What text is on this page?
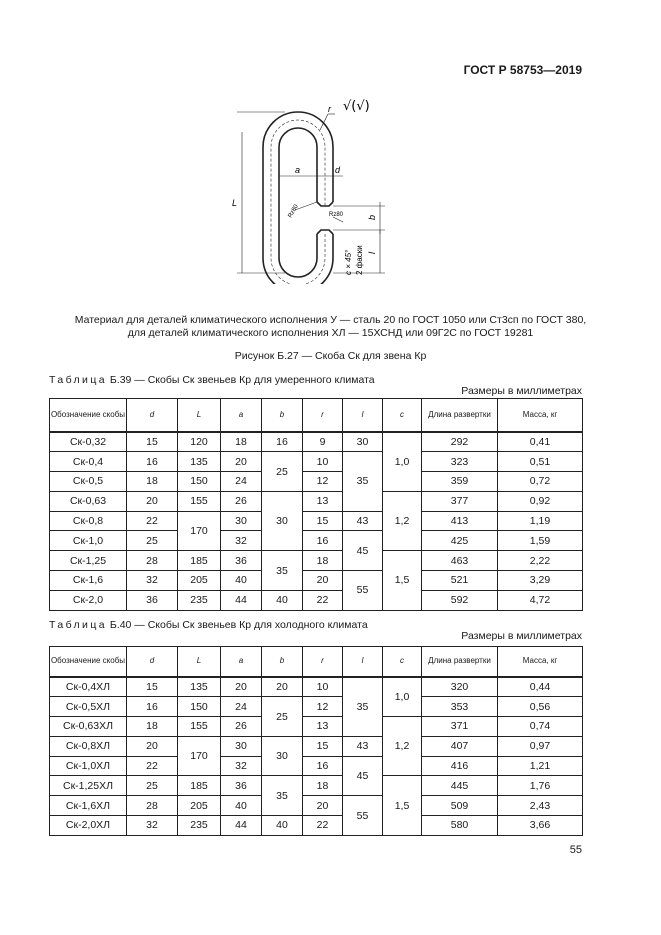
ГОСТ Р 58753—2019
√(√)
r
L
a	d
Rz80	Rz80	b
l
c × 45° 2 фаски
Материал для деталей климатического исполнения У — сталь 20 по ГОСТ 1050 или Ст3сп по ГОСТ 380,
для деталей климатического исполнения ХЛ — 15ХСНД или 09Г2С по ГОСТ 19281
Рисунок Б.27 — Скоба Ск для звена Кр
Таблица Б.39 — Скобы Ск звеньев Кр для умеренного климата
Размеры в миллиметрах
Обозначение скобы	d	L	a	b	r	l	c	Длина развертки	Масса, кг
Ск-0,32	15	120	18	16	9	30	1,0	292	0,41
Ск-0,4	16	135	20	25	10	35		323	0,51
Ск-0,5	18	150	24		12			359	0,72
Ск-0,63	20	155	26	30	13		1,2	377	0,92
Ск-0,8	22	170	30		15	43		413	1,19
Ск-1,0	25		32		16	45		425	1,59
Ск-1,25	28	185	36	35	18		1,5	463	2,22
Ск-1,6	32	205	40		20	55		521	3,29
Ск-2,0	36	235	44	40	22			592	4,72
Таблица Б.40 — Скобы Ск звеньев Кр для холодного климата
Размеры в миллиметрах
Обозначение скобы	d	L	a	b	r	l	c	Длина развертки	Масса, кг
Ск-0,4ХЛ	15	135	20	20	10	35	1,0	320	0,44
Ск-0,5ХЛ	16	150	24	25	12			353	0,56
Ск-0,63ХЛ	18	155	26		13		1,2	371	0,74
Ск-0,8ХЛ	20	170	30	30	15	43		407	0,97
Ск-1,0ХЛ	22		32		16	45		416	1,21
Ск-1,25ХЛ	25	185	36	35	18		1,5	445	1,76
Ск-1,6ХЛ	28	205	40		20	55		509	2,43
Ск-2,0ХЛ	32	235	44	40	22			580	3,66
55
